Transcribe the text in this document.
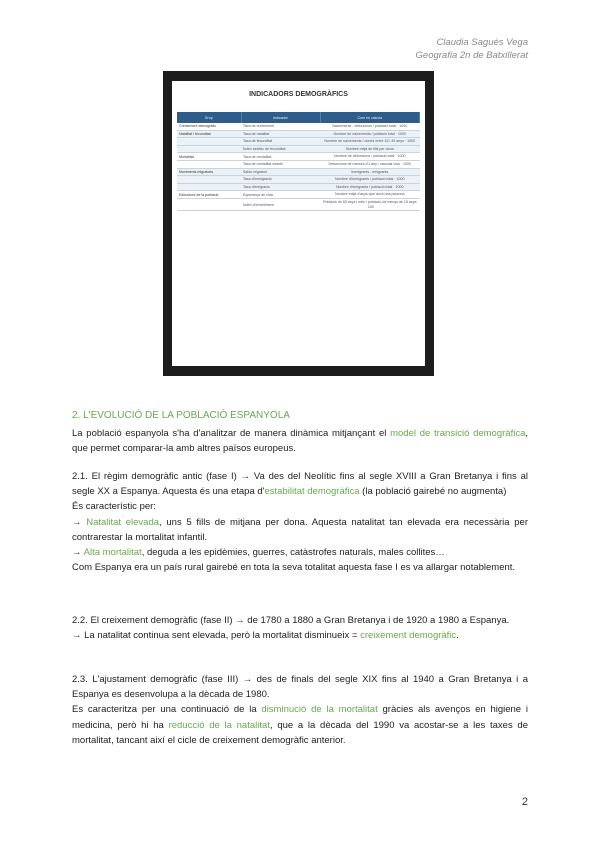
Claudia Sagués Vega
Geografia 2n de Batxillerat
INDICADORS DEMOGRÀFICS
Grup	Indicador	Com es calcula
Creixement demogràfic	Taxa de creixement	Naixements - defuncions / població total · 1000
Natalitat i fecunditat	Taxa de natalitat	Nombre de naixements / població total · 1000
	Taxa de fecunditat	Nombre de naixements / dones entre 15 i 49 anys · 1000
	Índex sintètic de fecunditat	Nombre mitjà de fills per dona
Mortalitat	Taxa de mortalitat	Nombre de defuncions / població total · 1000
	Taxa de mortalitat infantil	Defuncions de menors d'1 any / nascuts vius · 1000
Moviments migratoris	Saldo migratori	Immigrants - emigrants
	Taxa d'immigració	Nombre d'immigrants / població total · 1000
	Taxa d'emigració	Nombre d'emigrants / població total · 1000
Estructura de la població	Esperança de vida	Nombre mitjà d'anys que viurà una persona
	Índex d'envelliment	Població de 65 anys i més / població de menys de 15 anys · 100
2. L'EVOLUCIÓ DE LA POBLACIÓ ESPANYOLA

La població espanyola s'ha d'analitzar de manera dinàmica mitjançant el model de transició demogràfica, que permet comparar-la amb altres països europeus.

2.1. El règim demogràfic antic (fase I) → Va des del Neolític fins al segle XVIII a Gran Bretanya i fins al segle XX a Espanya. Aquesta és una etapa d'estabilitat demogràfica (la població gairebé no augmenta)

És característic per:

→ Natalitat elevada, uns 5 fills de mitjana per dona. Aquesta natalitat tan elevada era necessària per contrarestar la mortalitat infantil.

→ Alta mortalitat, deguda a les epidèmies, guerres, catàstrofes naturals, males collites…

Com Espanya era un país rural gairebé en tota la seva totalitat aquesta fase I es va allargar notablement.

2.2. El creixement demogràfic (fase II) → de 1780 a 1880 a Gran Bretanya i de 1920 a 1980 a Espanya.

→ La natalitat continua sent elevada, però la mortalitat disminueix = creixement demogràfic.

2.3. L'ajustament demogràfic (fase III) → des de finals del segle XIX fins al 1940 a Gran Bretanya i a Espanya es desenvolupa a la dècada de 1980.

Es caracteritza per una continuació de la disminució de la mortalitat gràcies als avenços en higiene i medicina, però hi ha reducció de la natalitat, que a la dècada del 1990 va acostar-se a les taxes de mortalitat, tancant així el cicle de creixement demogràfic anterior.

2
